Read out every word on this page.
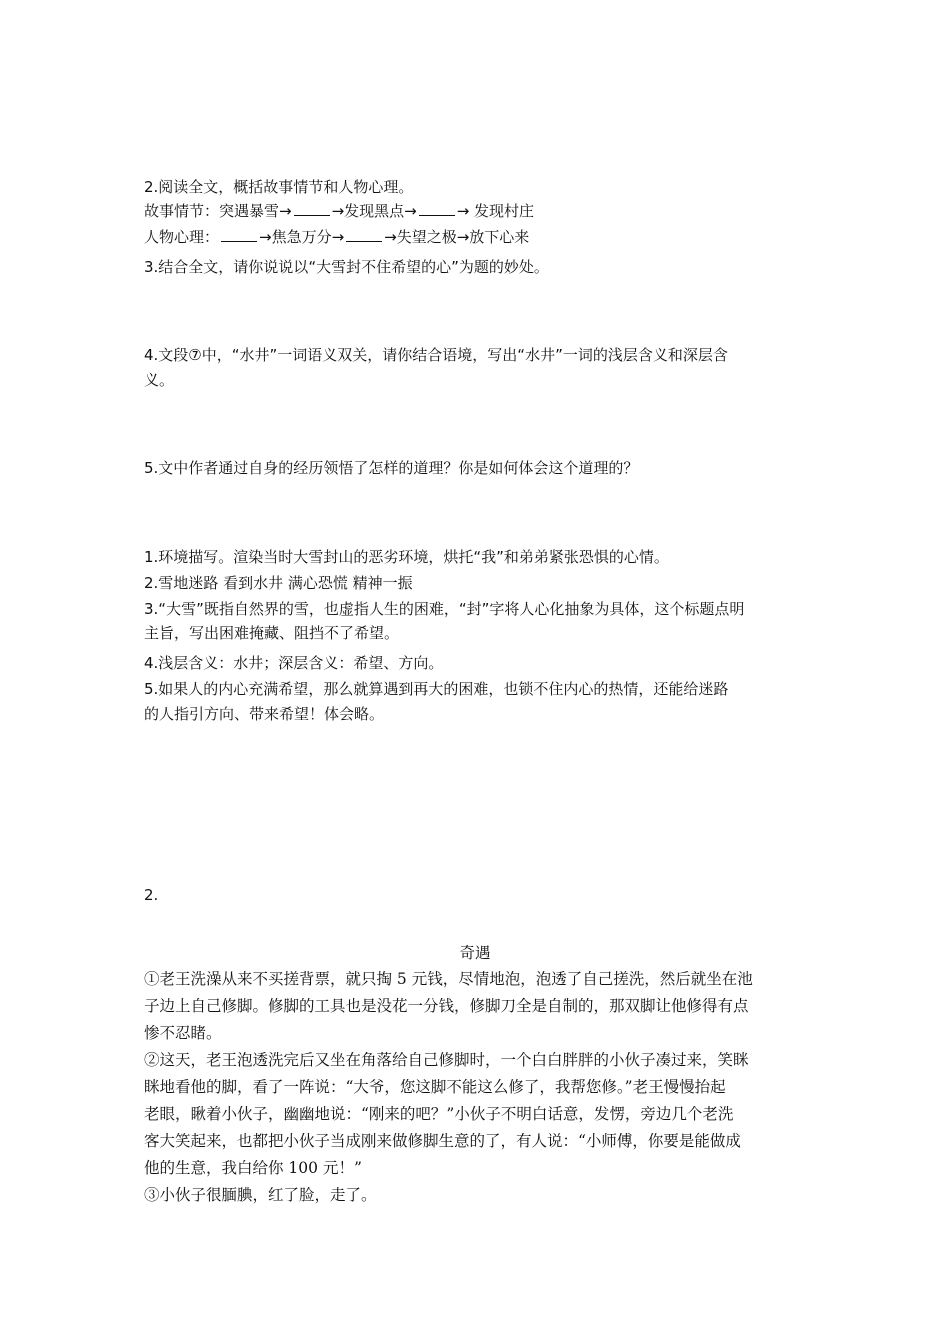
2.阅读全文，概括故事情节和人物心理。
故事情节：突遇暴雪→	→发现黑点→	→ 发现村庄
人物心理：	→焦急万分→	→失望之极→放下心来
3.结合全文，请你说说以“大雪封不住希望的心”为题的妙处。
4.文段⑦中，“水井”一词语义双关，请你结合语境，写出“水井”一词的浅层含义和深层含
义。
5.文中作者通过自身的经历领悟了怎样的道理？你是如何体会这个道理的？
1.环境描写。渲染当时大雪封山的恶劣环境，烘托“我”和弟弟紧张恐惧的心情。
2.雪地迷路 看到水井 满心恐慌 精神一振
3.“大雪”既指自然界的雪，也虚指人生的困难，“封”字将人心化抽象为具体，这个标题点明
主旨，写出困难掩藏、阻挡不了希望。
4.浅层含义：水井；深层含义：希望、方向。
5.如果人的内心充满希望，那么就算遇到再大的困难，也锁不住内心的热情，还能给迷路
的人指引方向、带来希望！体会略。
2.
奇遇
①老王洗澡从来不买搓背票，就只掏 5 元钱，尽情地泡，泡透了自己搓洗，然后就坐在池
子边上自己修脚。修脚的工具也是没花一分钱，修脚刀全是自制的，那双脚让他修得有点
惨不忍睹。
②这天，老王泡透洗完后又坐在角落给自己修脚时，一个白白胖胖的小伙子凑过来，笑眯
眯地看他的脚，看了一阵说：“大爷，您这脚不能这么修了，我帮您修。”老王慢慢抬起
老眼，瞅着小伙子，幽幽地说：“刚来的吧？”小伙子不明白话意，发愣，旁边几个老洗
客大笑起来，也都把小伙子当成刚来做修脚生意的了，有人说：“小师傅，你要是能做成
他的生意，我白给你 100 元！”
③小伙子很腼腆，红了脸，走了。
